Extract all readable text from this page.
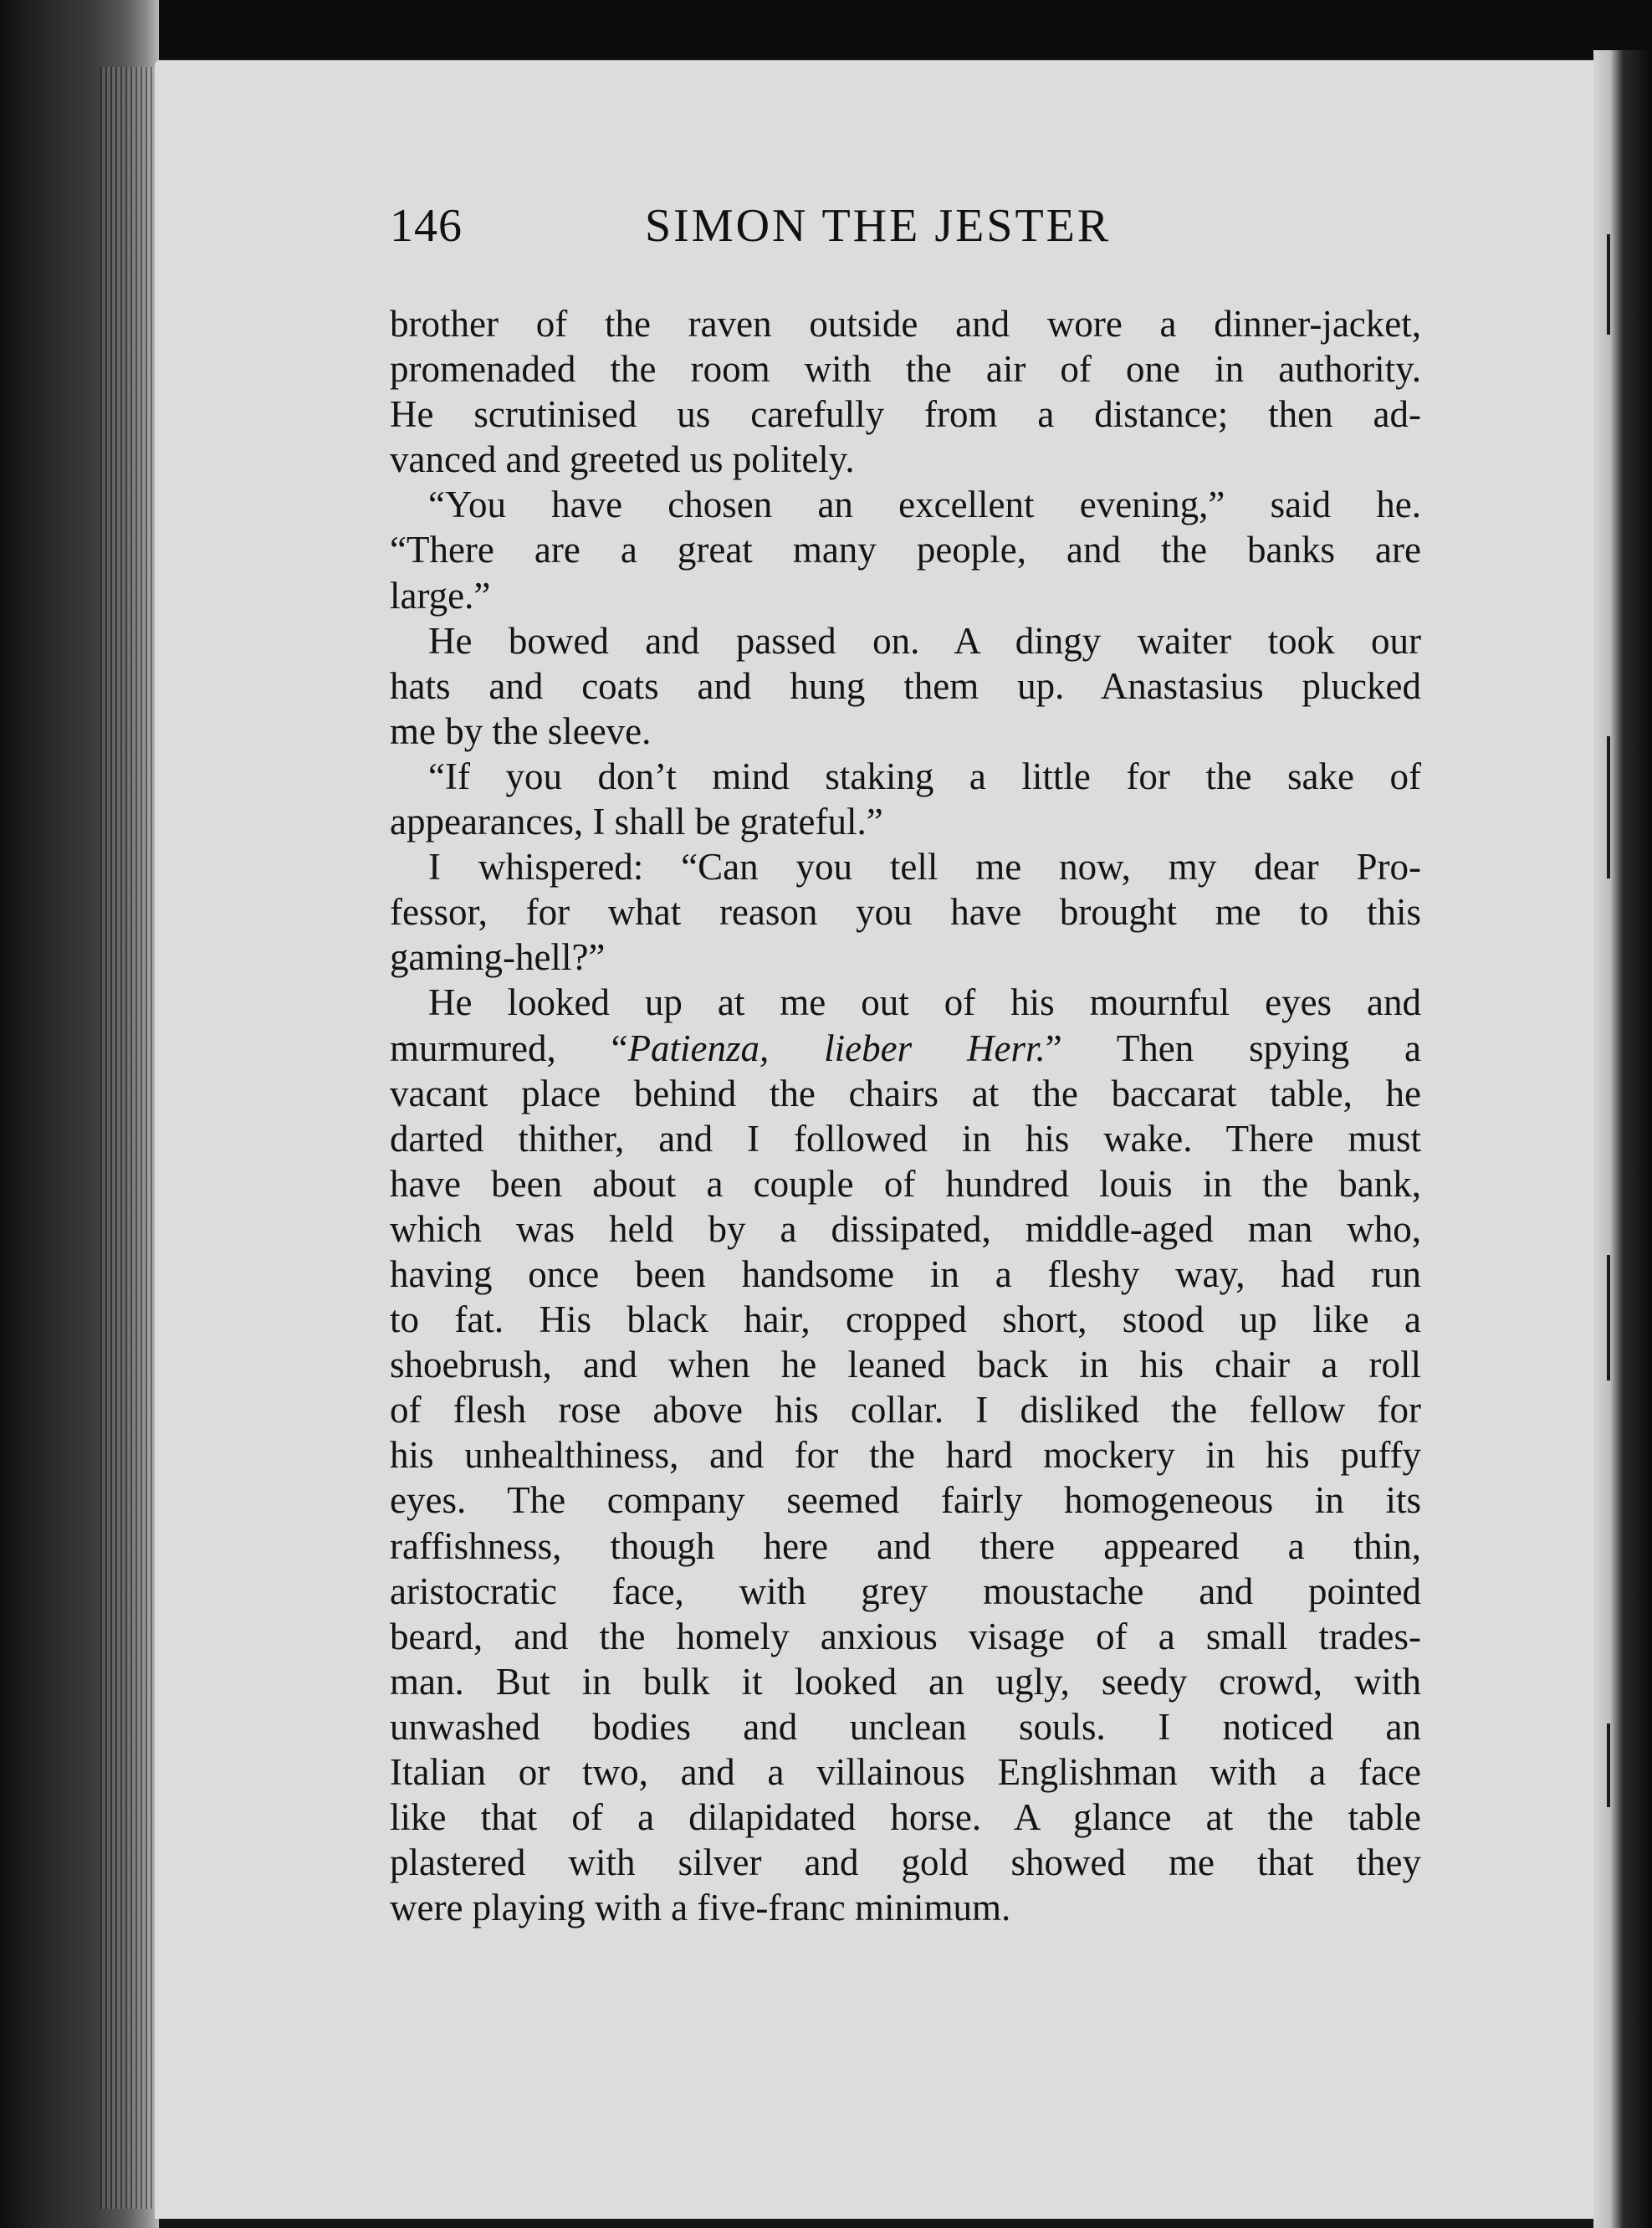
146	SIMON THE JESTER
brother of the raven outside and wore a dinner-jacket,
promenaded the room with the air of one in authority.
He scrutinised us carefully from a distance; then ad-
vanced and greeted us politely.
“You have chosen an excellent evening,” said he.
“There are a great many people, and the banks are
large.”
He bowed and passed on. A dingy waiter took our
hats and coats and hung them up. Anastasius plucked
me by the sleeve.
“If you don’t mind staking a little for the sake of
appearances, I shall be grateful.”
I whispered: “Can you tell me now, my dear Pro-
fessor, for what reason you have brought me to this
gaming-hell?”
He looked up at me out of his mournful eyes and
murmured, “Patienza, lieber Herr.” Then spying a
vacant place behind the chairs at the baccarat table, he
darted thither, and I followed in his wake. There must
have been about a couple of hundred louis in the bank,
which was held by a dissipated, middle-aged man who,
having once been handsome in a fleshy way, had run
to fat. His black hair, cropped short, stood up like a
shoebrush, and when he leaned back in his chair a roll
of flesh rose above his collar. I disliked the fellow for
his unhealthiness, and for the hard mockery in his puffy
eyes. The company seemed fairly homogeneous in its
raffishness, though here and there appeared a thin,
aristocratic face, with grey moustache and pointed
beard, and the homely anxious visage of a small trades-
man. But in bulk it looked an ugly, seedy crowd, with
unwashed bodies and unclean souls. I noticed an
Italian or two, and a villainous Englishman with a face
like that of a dilapidated horse. A glance at the table
plastered with silver and gold showed me that they
were playing with a five-franc minimum.
